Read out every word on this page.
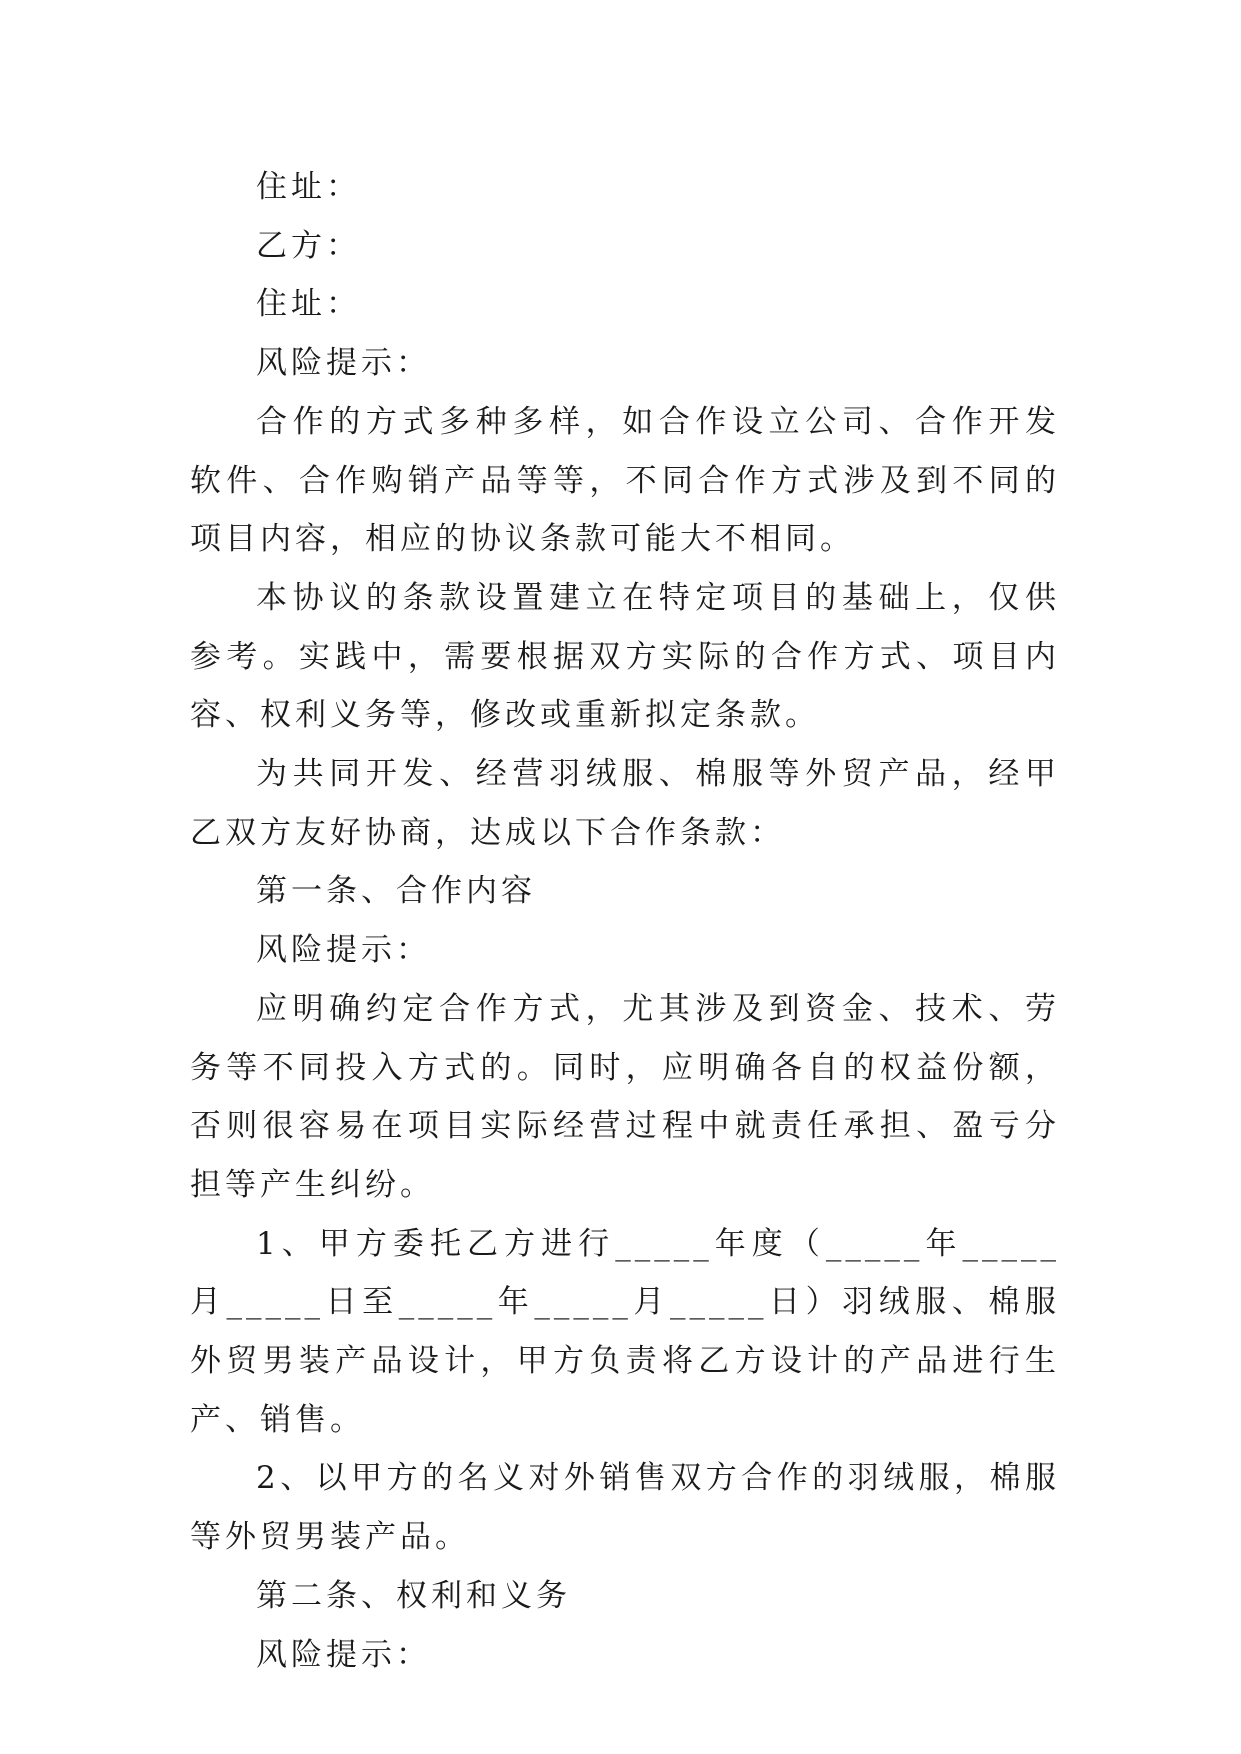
住址：

乙方：

住址：

风险提示：

合作的方式多种多样，如合作设立公司、合作开发软件、合作购销产品等等，不同合作方式涉及到不同的项目内容，相应的协议条款可能大不相同。

本协议的条款设置建立在特定项目的基础上，仅供参考。实践中，需要根据双方实际的合作方式、项目内容、权利义务等，修改或重新拟定条款。

为共同开发、经营羽绒服、棉服等外贸产品，经甲乙双方友好协商，达成以下合作条款：

第一条、合作内容

风险提示：

应明确约定合作方式，尤其涉及到资金、技术、劳务等不同投入方式的。同时，应明确各自的权益份额，否则很容易在项目实际经营过程中就责任承担、盈亏分担等产生纠纷。

1、甲方委托乙方进行_____年度（_____年_____月_____日至_____年_____月_____日）羽绒服、棉服外贸男装产品设计，甲方负责将乙方设计的产品进行生产、销售。

2、以甲方的名义对外销售双方合作的羽绒服，棉服等外贸男装产品。

第二条、权利和义务

风险提示：
